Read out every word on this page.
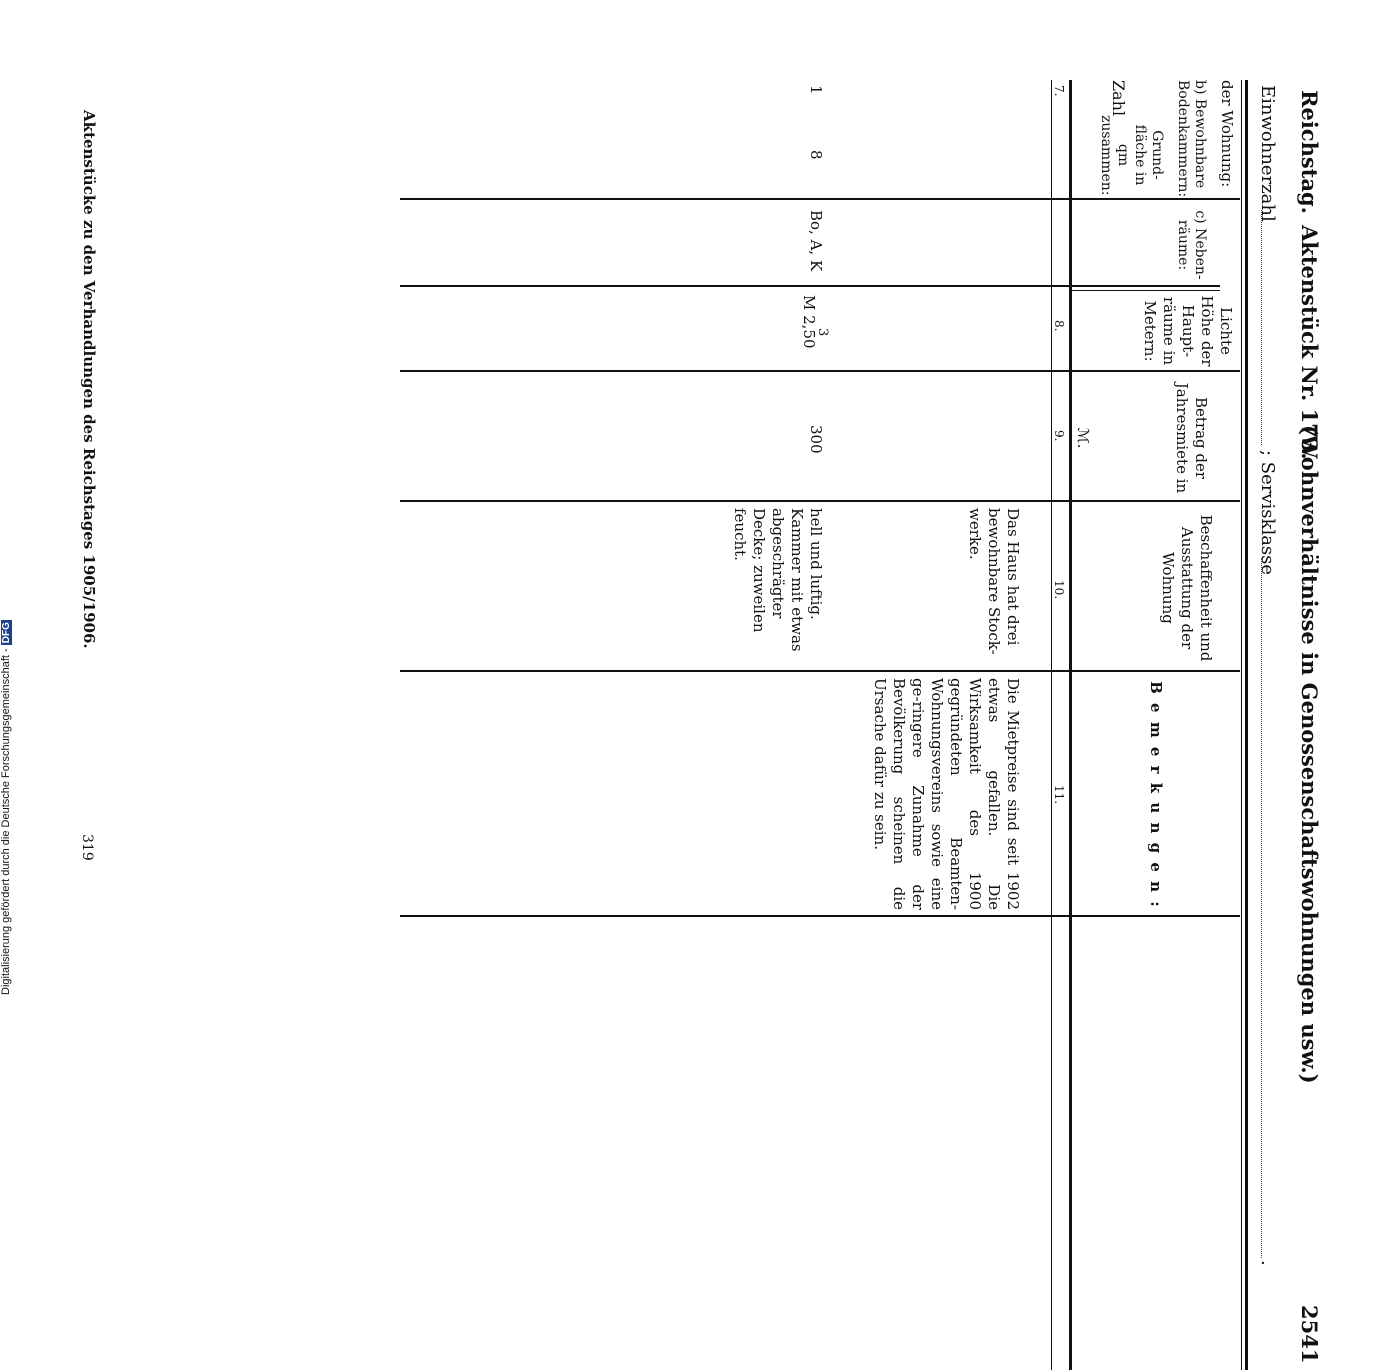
Reichstag.
Aktenstück Nr. 173.
(Wohnverhältnisse in Genossenschaftswohnungen usw.)
2541
Einwohnerzahl
; Servisklasse
.
der Wohnung:
b) Bewohnbare Bodenkammern:
Zahl
c) Neben-räume:
Grund-fläche in qm zusammen:
Lichte Höhe der Haupt-räume in Metern:
Betrag der Jahresmiete in
ℳ.
Beschaffenheit und Ausstattung der Wohnung
B e m e r k u n g e n :
7.
8.
9.
10.
11.
1
8
Bo, A, K
3
M 2,50
300
Das Haus hat drei bewohnbare Stock-werke.
hell und luftig. Kammer mit etwas abgeschrägter Decke; zuweilen feucht.
Die Mietpreise sind seit 1902 etwas gefallen. Die Wirksamkeit des 1900 gegründeten Beamten-Wohnungsvereins sowie eine ge-ringere Zunahme der Bevölkerung scheinen die Ursache dafür zu sein.
Aktenstücke zu den Verhandlungen des Reichstages 1905/1906.
319
Digitalisierung gefördert durch die Deutsche Forschungsgemeinschaft - DFG
